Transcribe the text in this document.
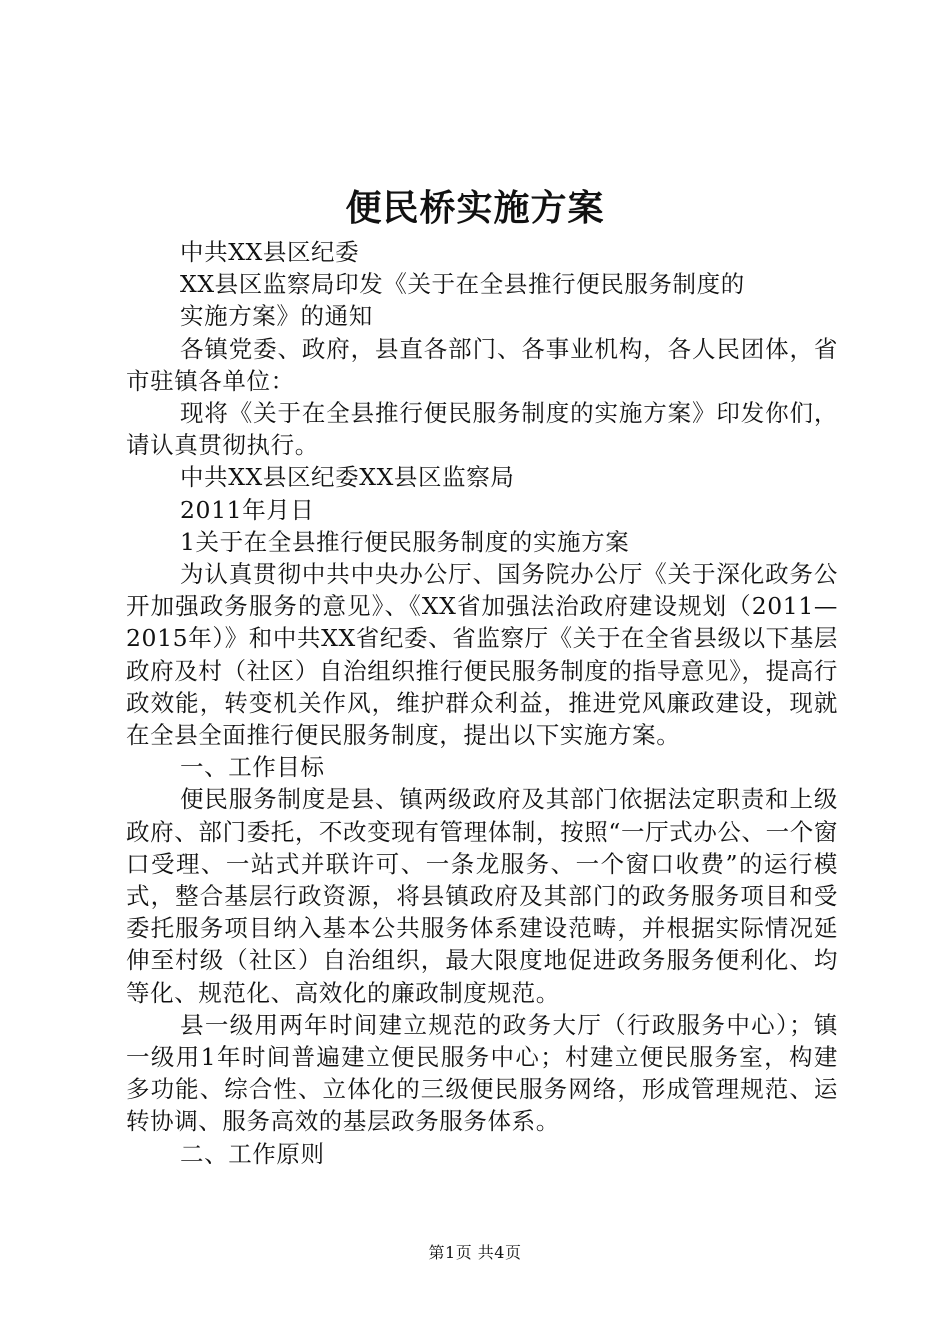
便民桥实施方案

中共XX县区纪委

XX县区监察局印发《关于在全县推行便民服务制度的

实施方案》的通知

各镇党委、政府，县直各部门、各事业机构，各人民团体，省市驻镇各单位：

现将《关于在全县推行便民服务制度的实施方案》印发你们，请认真贯彻执行。

中共XX县区纪委XX县区监察局

2011年月日

1关于在全县推行便民服务制度的实施方案

为认真贯彻中共中央办公厅、国务院办公厅《关于深化政务公开加强政务服务的意见》、《XX省加强法治政府建设规划（2011—2015年）》和中共XX省纪委、省监察厅《关于在全省县级以下基层政府及村（社区）自治组织推行便民服务制度的指导意见》，提高行政效能，转变机关作风，维护群众利益，推进党风廉政建设，现就在全县全面推行便民服务制度，提出以下实施方案。

一、工作目标

便民服务制度是县、镇两级政府及其部门依据法定职责和上级政府、部门委托，不改变现有管理体制，按照“一厅式办公、一个窗口受理、一站式并联许可、一条龙服务、一个窗口收费”的运行模式，整合基层行政资源，将县镇政府及其部门的政务服务项目和受委托服务项目纳入基本公共服务体系建设范畴，并根据实际情况延伸至村级（社区）自治组织，最大限度地促进政务服务便利化、均等化、规范化、高效化的廉政制度规范。

县一级用两年时间建立规范的政务大厅（行政服务中心）；镇一级用1年时间普遍建立便民服务中心；村建立便民服务室，构建多功能、综合性、立体化的三级便民服务网络，形成管理规范、运转协调、服务高效的基层政务服务体系。

二、工作原则

第1页 共4页
